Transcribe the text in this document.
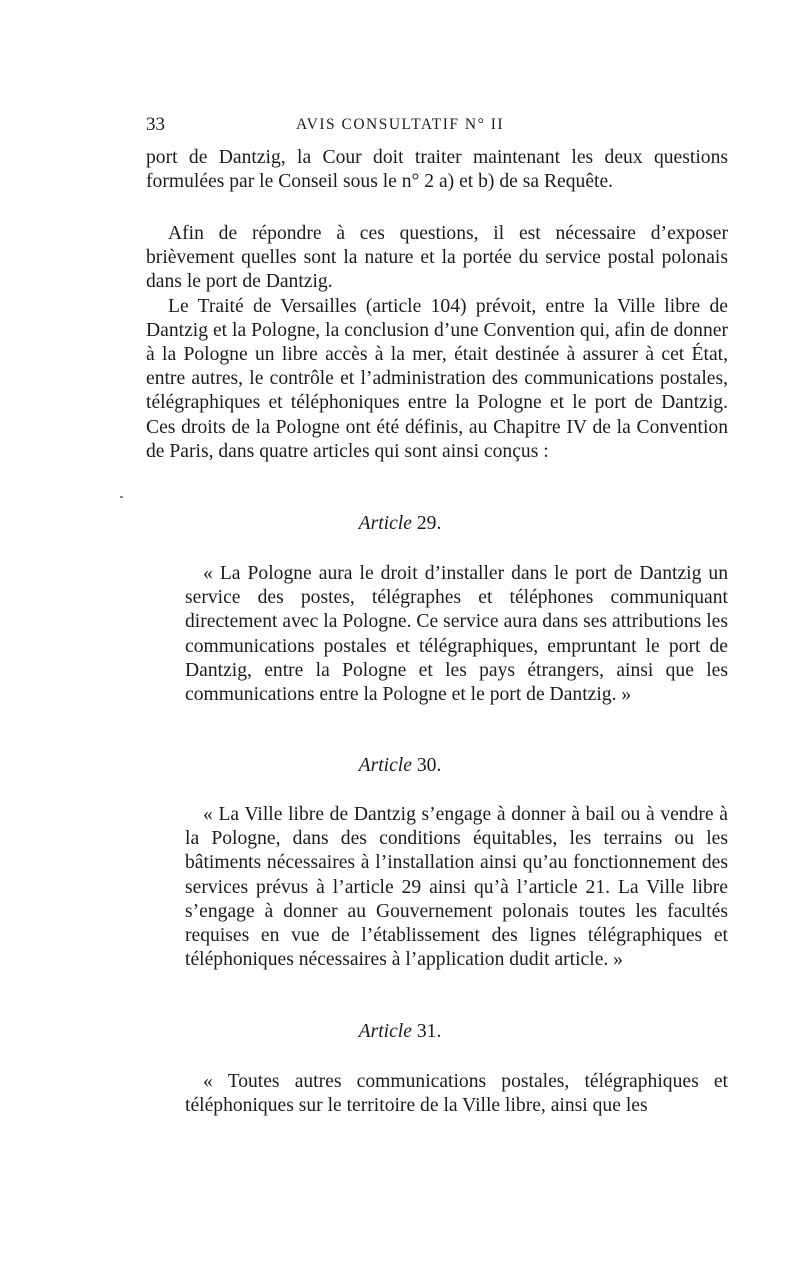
33	AVIS CONSULTATIF N° II

port de Dantzig, la Cour doit traiter maintenant les deux questions formulées par le Conseil sous le n° 2 a) et b) de sa Requête.

Afin de répondre à ces questions, il est nécessaire d’exposer brièvement quelles sont la nature et la portée du service postal polonais dans le port de Dantzig.

Le Traité de Versailles (article 104) prévoit, entre la Ville libre de Dantzig et la Pologne, la conclusion d’une Convention qui, afin de donner à la Pologne un libre accès à la mer, était destinée à assurer à cet État, entre autres, le contrôle et l’administration des communications postales, télégraphiques et téléphoniques entre la Pologne et le port de Dantzig. Ces droits de la Pologne ont été définis, au Chapitre IV de la Convention de Paris, dans quatre articles qui sont ainsi conçus :

Article 29.

« La Pologne aura le droit d’installer dans le port de Dantzig un service des postes, télégraphes et téléphones communiquant directement avec la Pologne. Ce service aura dans ses attributions les communications postales et télégraphiques, empruntant le port de Dantzig, entre la Pologne et les pays étrangers, ainsi que les communications entre la Pologne et le port de Dantzig. »

Article 30.

« La Ville libre de Dantzig s’engage à donner à bail ou à vendre à la Pologne, dans des conditions équitables, les terrains ou les bâtiments nécessaires à l’installation ainsi qu’au fonctionnement des services prévus à l’article 29 ainsi qu’à l’article 21. La Ville libre s’engage à donner au Gouvernement polonais toutes les facultés requises en vue de l’établissement des lignes télégraphiques et téléphoniques nécessaires à l’application dudit article. »

Article 31.

« Toutes autres communications postales, télégraphiques et téléphoniques sur le territoire de la Ville libre, ainsi que les
